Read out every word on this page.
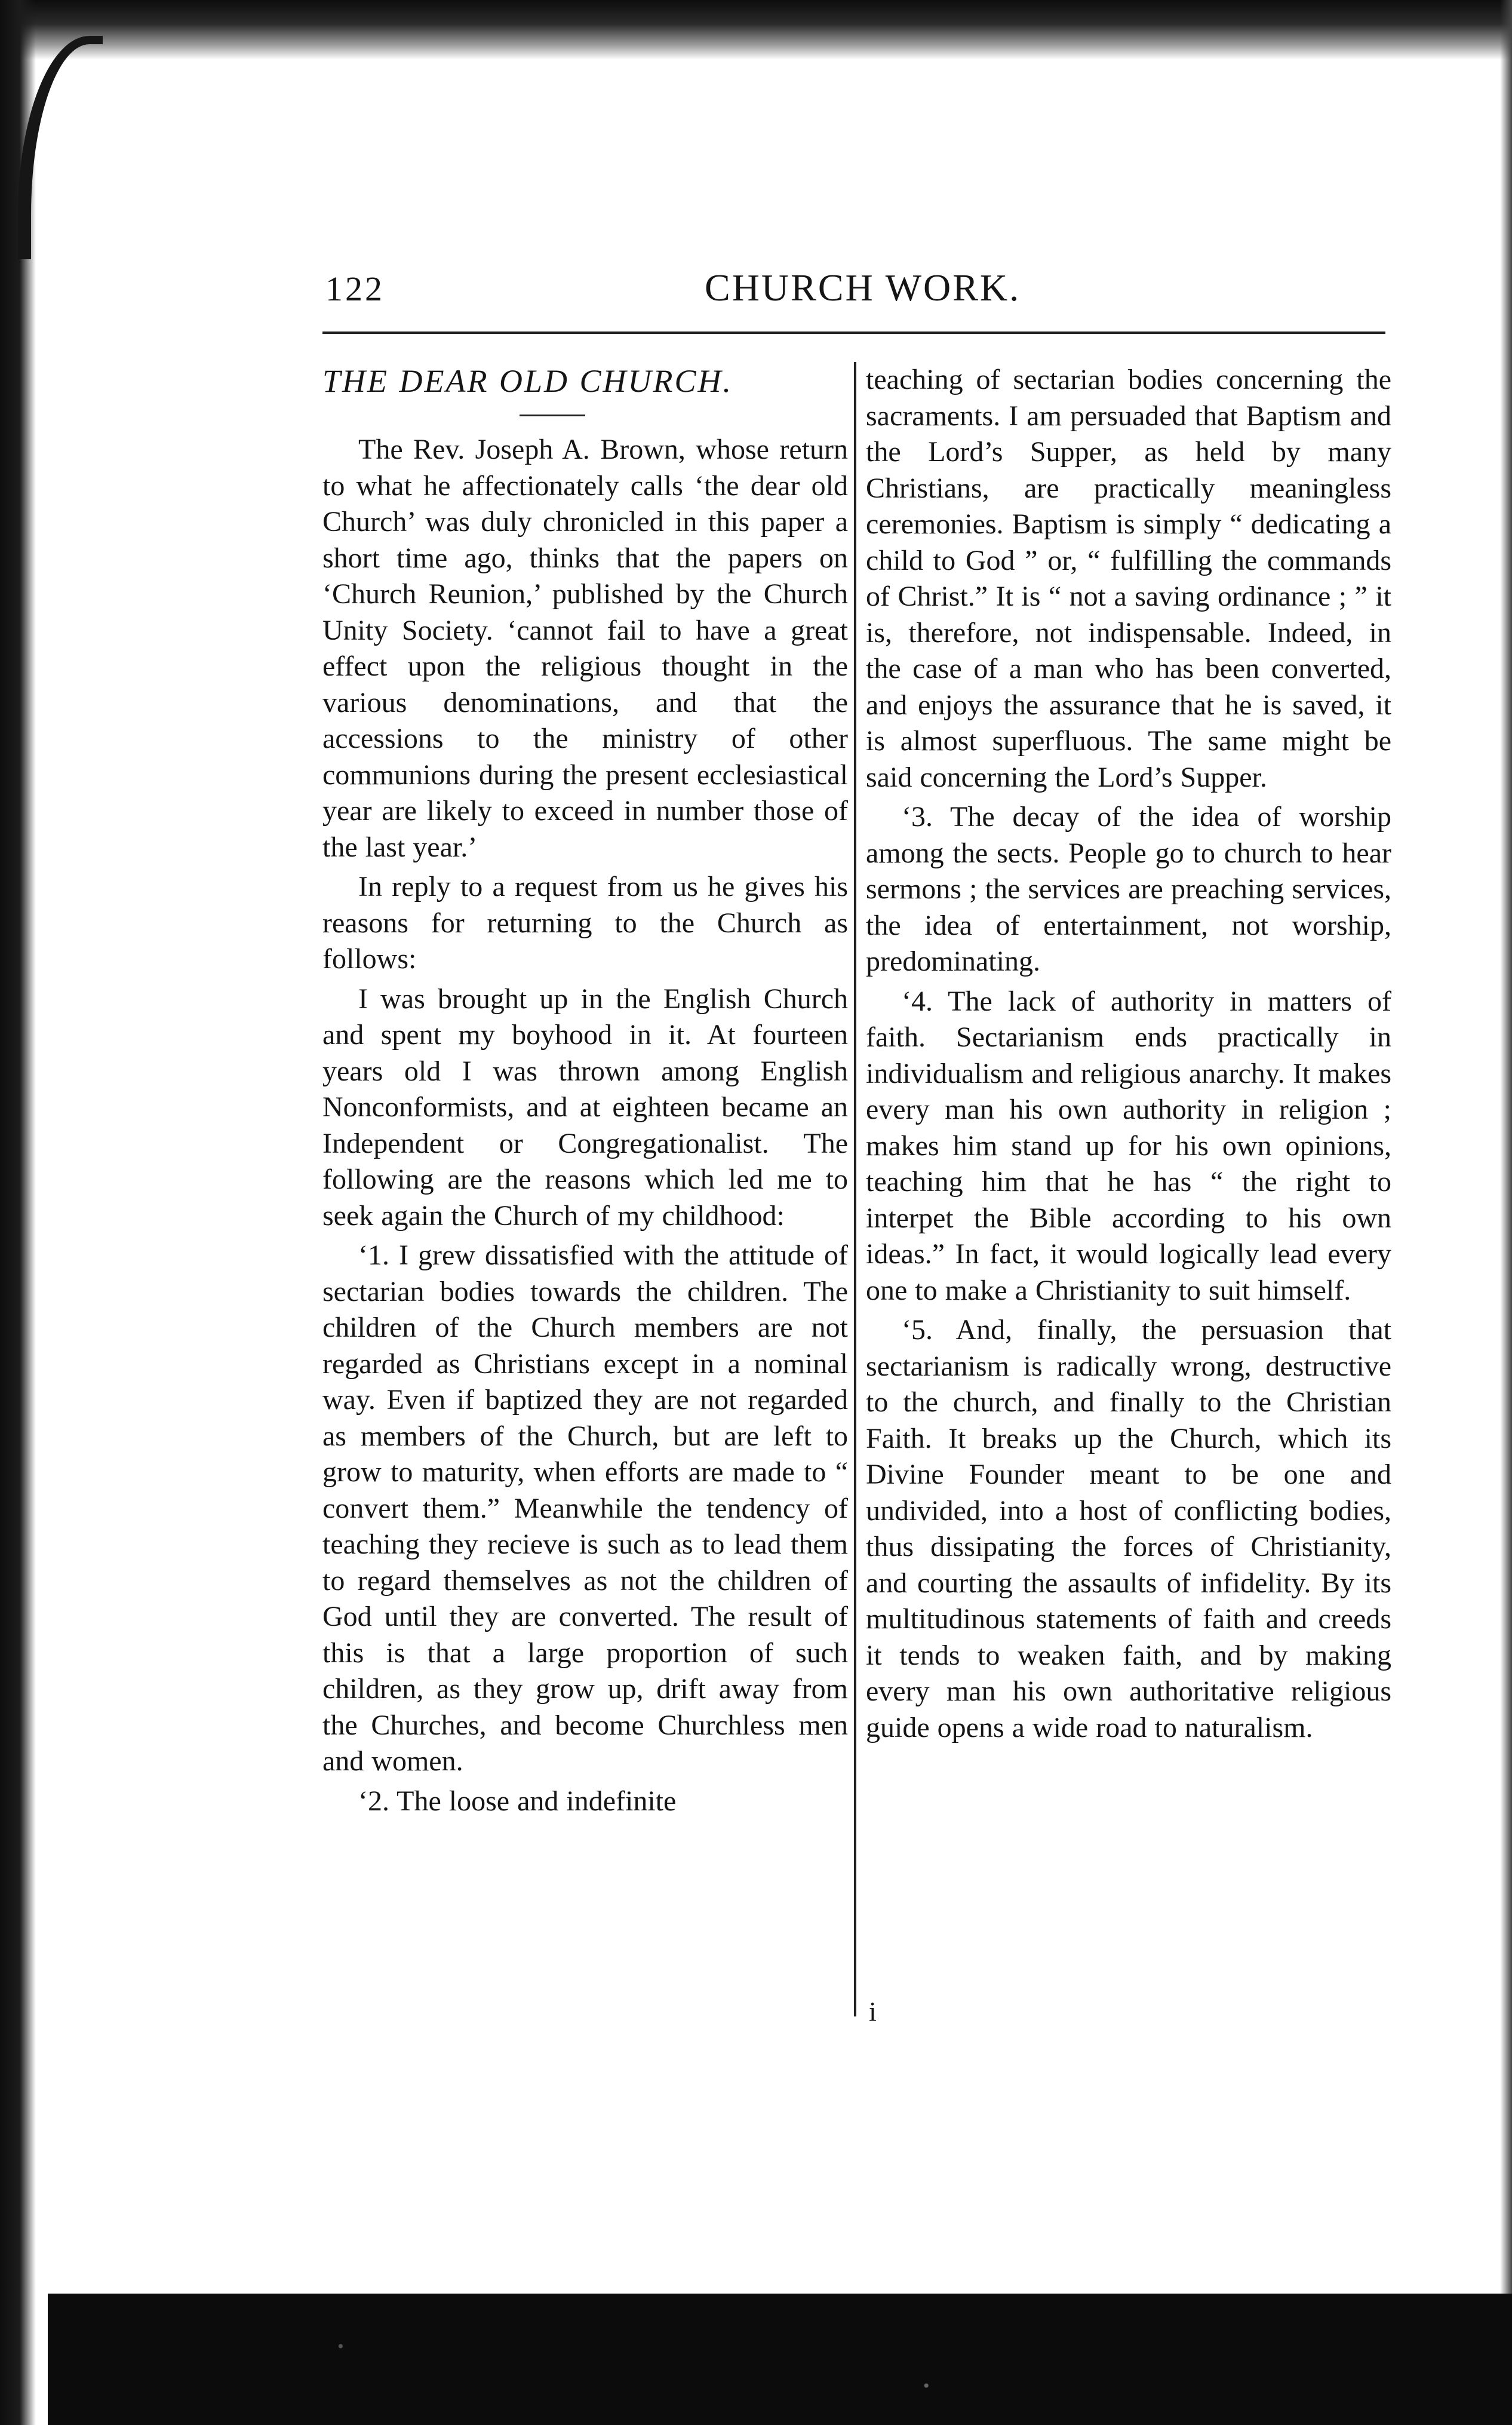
122	CHURCH WORK.
THE DEAR OLD CHURCH.

The Rev. Joseph A. Brown, whose return to what he affectionately calls ‘the dear old Church’ was duly chronicled in this paper a short time ago, thinks that the papers on ‘Church Reunion,’ published by the Church Unity Society. ‘cannot fail to have a great effect upon the religious thought in the various denominations, and that the accessions to the ministry of other communions during the present ecclesiastical year are likely to exceed in number those of the last year.’

In reply to a request from us he gives his reasons for returning to the Church as follows:

I was brought up in the English Church and spent my boyhood in it. At fourteen years old I was thrown among English Nonconformists, and at eighteen became an Independent or Congregationalist. The following are the reasons which led me to seek again the Church of my childhood:

‘1. I grew dissatisfied with the attitude of sectarian bodies towards the children. The children of the Church members are not regarded as Christians except in a nominal way. Even if baptized they are not regarded as members of the Church, but are left to grow to maturity, when efforts are made to “ convert them.” Meanwhile the tendency of teaching they recieve is such as to lead them to regard themselves as not the children of God until they are converted. The result of this is that a large proportion of such children, as they grow up, drift away from the Churches, and become Churchless men and women.

‘2. The loose and indefinite

teaching of sectarian bodies concerning the sacraments. I am persuaded that Baptism and the Lord’s Supper, as held by many Christians, are practically meaningless ceremonies. Baptism is simply “ dedicating a child to God ” or, “ fulfilling the commands of Christ.” It is “ not a saving ordinance ; ” it is, therefore, not indispensable. Indeed, in the case of a man who has been converted, and enjoys the assurance that he is saved, it is almost superfluous. The same might be said concerning the Lord’s Supper.

‘3. The decay of the idea of worship among the sects. People go to church to hear sermons ; the services are preaching services, the idea of entertainment, not worship, predominating.

‘4. The lack of authority in matters of faith. Sectarianism ends practically in individualism and religious anarchy. It makes every man his own authority in religion ; makes him stand up for his own opinions, teaching him that he has “ the right to interpet the Bible according to his own ideas.” In fact, it would logically lead every one to make a Christianity to suit himself.

‘5. And, finally, the persuasion that sectarianism is radically wrong, destructive to the church, and finally to the Christian Faith. It breaks up the Church, which its Divine Founder meant to be one and undivided, into a host of conflicting bodies, thus dissipating the forces of Christianity, and courting the assaults of infidelity. By its multitudinous statements of faith and creeds it tends to weaken faith, and by making every man his own authoritative religious guide opens a wide road to naturalism.

i
